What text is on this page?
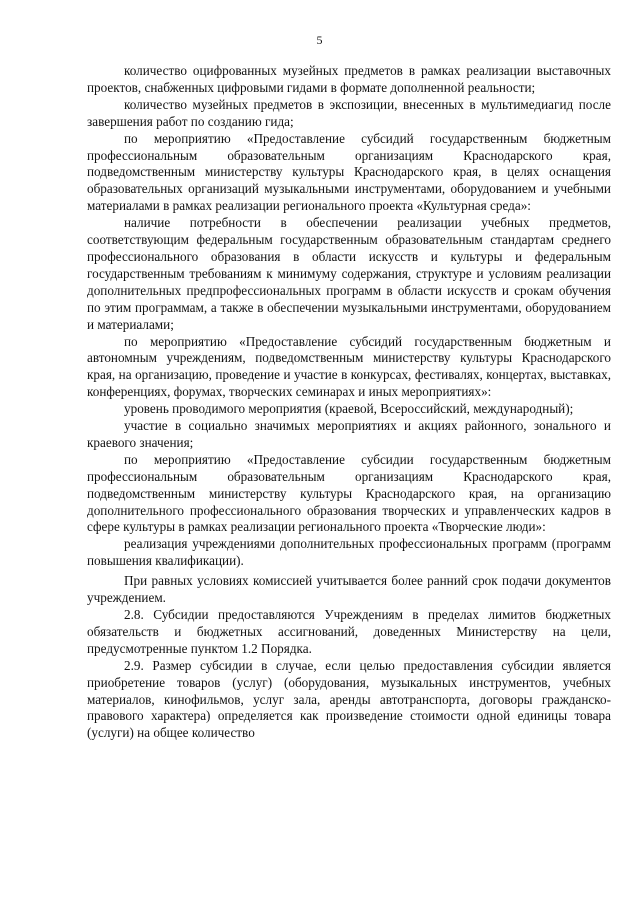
5

количество оцифрованных музейных предметов в рамках реализации выставочных проектов, снабженных цифровыми гидами в формате дополненной реальности;

количество музейных предметов в экспозиции, внесенных в мультимедиагид после завершения работ по созданию гида;

по мероприятию «Предоставление субсидий государственным бюджетным профессиональным образовательным организациям Краснодарского края, подведомственным министерству культуры Краснодарского края, в целях оснащения образовательных организаций музыкальными инструментами, оборудованием и учебными материалами в рамках реализации регионального проекта «Культурная среда»:

наличие потребности в обеспечении реализации учебных предметов, соответствующим федеральным государственным образовательным стандартам среднего профессионального образования в области искусств и культуры и федеральным государственным требованиям к минимуму содержания, структуре и условиям реализации дополнительных предпрофессиональных программ в области искусств и срокам обучения по этим программам, а также в обеспечении музыкальными инструментами, оборудованием и материалами;

по мероприятию «Предоставление субсидий государственным бюджетным и автономным учреждениям, подведомственным министерству культуры Краснодарского края, на организацию, проведение и участие в конкурсах, фестивалях, концертах, выставках, конференциях, форумах, творческих семинарах и иных мероприятиях»:

уровень проводимого мероприятия (краевой, Всероссийский, международный);

участие в социально значимых мероприятиях и акциях районного, зонального и краевого значения;

по мероприятию «Предоставление субсидии государственным бюджетным профессиональным образовательным организациям Краснодарского края, подведомственным министерству культуры Краснодарского края, на организацию дополнительного профессионального образования творческих и управленческих кадров в сфере культуры в рамках реализации регионального проекта «Творческие люди»:

реализация учреждениями дополнительных профессиональных программ (программ повышения квалификации).

При равных условиях комиссией учитывается более ранний срок подачи документов учреждением.

2.8. Субсидии предоставляются Учреждениям в пределах лимитов бюджетных обязательств и бюджетных ассигнований, доведенных Министерству на цели, предусмотренные пунктом 1.2 Порядка.

2.9. Размер субсидии в случае, если целью предоставления субсидии является приобретение товаров (услуг) (оборудования, музыкальных инструментов, учебных материалов, кинофильмов, услуг зала, аренды автотранспорта, договоры гражданско-правового характера) определяется как произведение стоимости одной единицы товара (услуги) на общее количество
